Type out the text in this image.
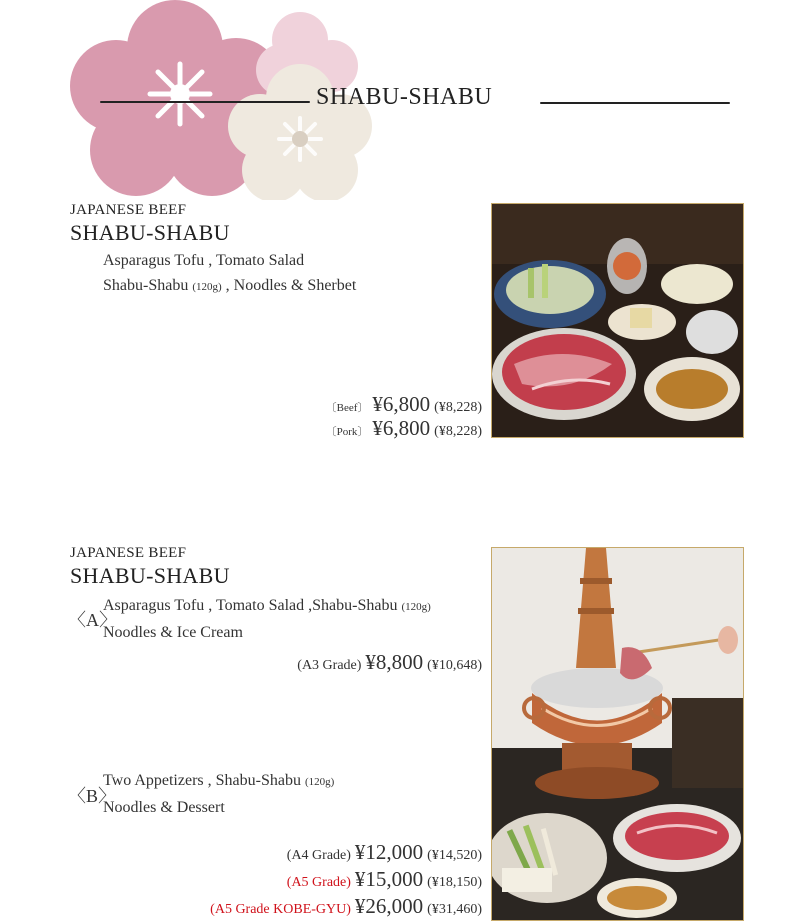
SHABU-SHABU
JAPANESE BEEF
SHABU-SHABU
Asparagus Tofu , Tomato Salad
Shabu-Shabu (120g) , Noodles & Sherbet
〔Beef〕 ¥6,800 (¥8,228)
〔Pork〕 ¥6,800 (¥8,228)
JAPANESE BEEF
SHABU-SHABU
〈A〉
Asparagus Tofu , Tomato Salad ,Shabu-Shabu (120g)
Noodles & Ice Cream
(A3 Grade) ¥8,800 (¥10,648)
〈B〉
Two Appetizers , Shabu-Shabu (120g)
Noodles & Dessert
(A4 Grade) ¥12,000 (¥14,520)
(A5 Grade) ¥15,000 (¥18,150)
(A5 Grade KOBE-GYU) ¥26,000 (¥31,460)
